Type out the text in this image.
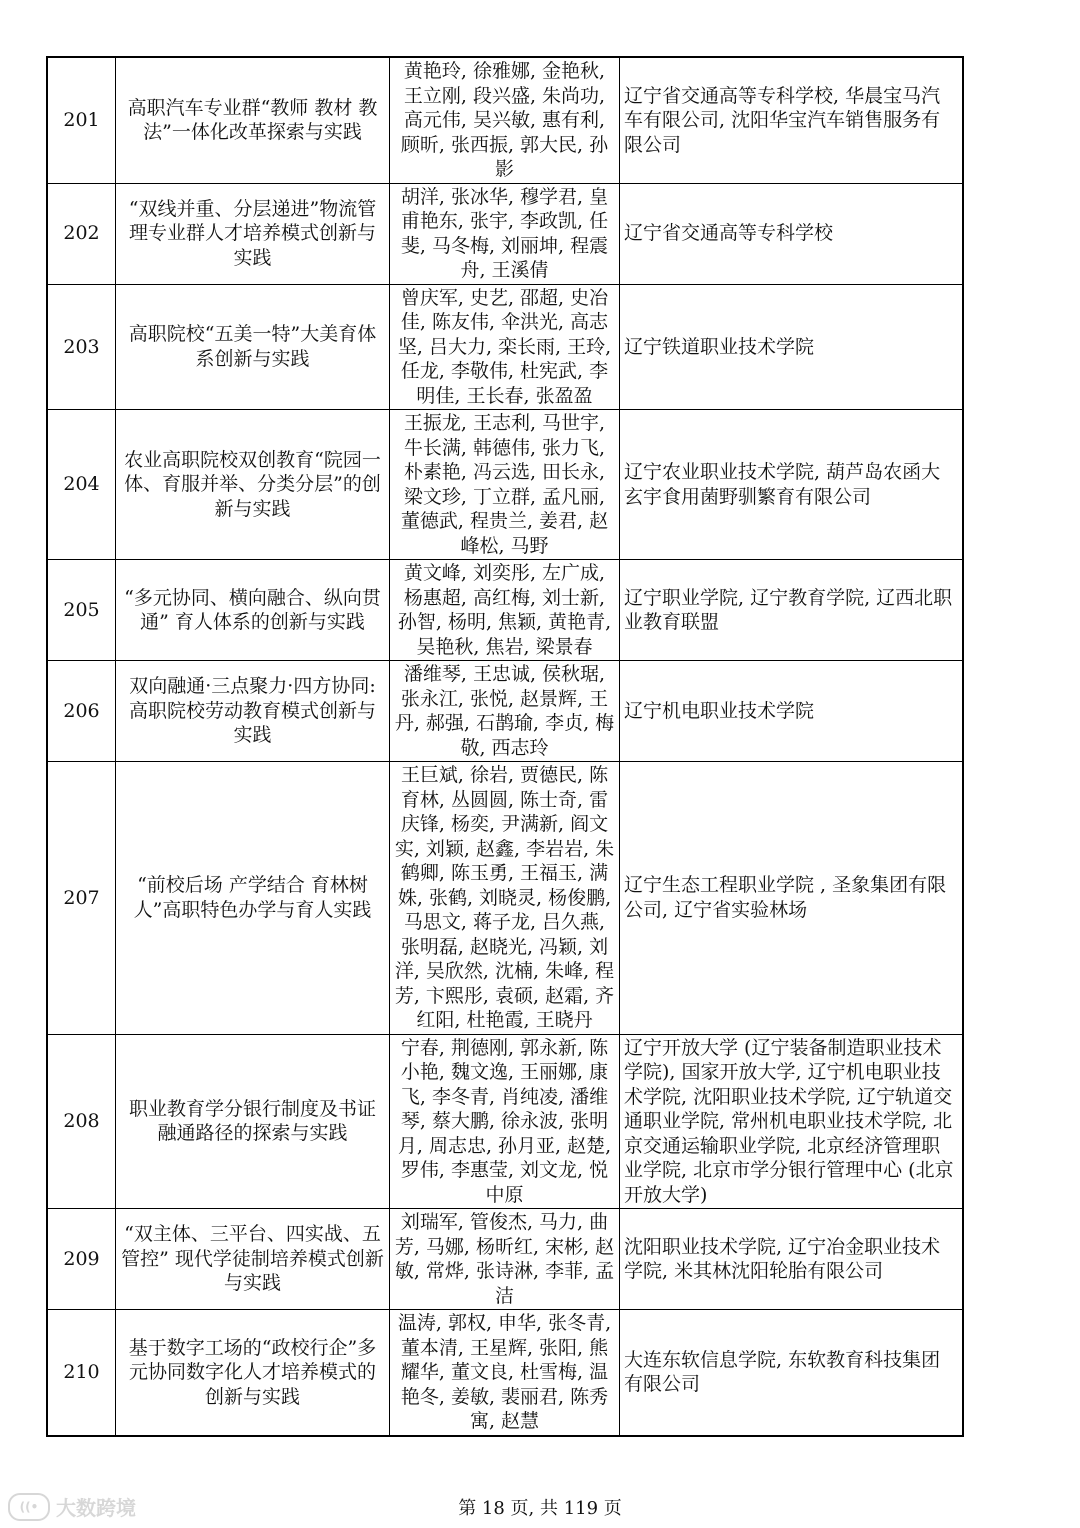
201	高职汽车专业群“教师 教材 教法”一体化改革探索与实践	黄艳玲, 徐雅娜, 金艳秋, 王立刚, 段兴盛, 朱尚功, 高元伟, 吴兴敏, 惠有利, 顾昕, 张西振, 郭大民, 孙影	辽宁省交通高等专科学校, 华晨宝马汽车有限公司, 沈阳华宝汽车销售服务有限公司
202	“双线并重、分层递进”物流管理专业群人才培养模式创新与实践	胡洋, 张冰华, 穆学君, 皇甫艳东, 张宇, 李政凯, 任斐, 马冬梅, 刘丽坤, 程震舟, 王溪倩	辽宁省交通高等专科学校
203	高职院校“五美一特”大美育体系创新与实践	曾庆军, 史艺, 邵超, 史冶佳, 陈友伟, 伞洪光, 高志坚, 吕大力, 栾长雨, 王玲, 任龙, 李敬伟, 杜宪武, 李明佳, 王长春, 张盈盈	辽宁铁道职业技术学院
204	农业高职院校双创教育“院园一体、育服并举、分类分层”的创新与实践	王振龙, 王志利, 马世宇, 牛长满, 韩德伟, 张力飞, 朴素艳, 冯云选, 田长永, 梁文珍, 丁立群, 孟凡丽, 董德武, 程贵兰, 姜君, 赵峰松, 马野	辽宁农业职业技术学院, 葫芦岛农函大玄宇食用菌野驯繁育有限公司
205	“多元协同、横向融合、纵向贯通” 育人体系的创新与实践	黄文峰, 刘奕彤, 左广成, 杨惠超, 高红梅, 刘士新, 孙智, 杨明, 焦颖, 黄艳青, 吴艳秋, 焦岩, 梁景春	辽宁职业学院, 辽宁教育学院, 辽西北职业教育联盟
206	双向融通·三点聚力·四方协同: 高职院校劳动教育模式创新与实践	潘维琴, 王忠诚, 侯秋琚, 张永江, 张悦, 赵景辉, 王丹, 郝强, 石鹊瑜, 李贞, 梅敬, 西志玲	辽宁机电职业技术学院
207	“前校后场 产学结合 育林树人”高职特色办学与育人实践	王巨斌, 徐岩, 贾德民, 陈育林, 丛圆圆, 陈士奇, 雷庆锋, 杨奕, 尹满新, 阎文实, 刘颖, 赵鑫, 李岩岩, 朱鹤卿, 陈玉勇, 王福玉, 满姝, 张鹤, 刘晓灵, 杨俊鹏, 马思文, 蒋子龙, 吕久燕, 张明磊, 赵晓光, 冯颖, 刘洋, 吴欣然, 沈楠, 朱峰, 程芳, 卞熙彤, 袁硕, 赵霜, 齐红阳, 杜艳霞, 王晓丹	辽宁生态工程职业学院 , 圣象集团有限公司, 辽宁省实验林场
208	职业教育学分银行制度及书证融通路径的探索与实践	宁春, 荆德刚, 郭永新, 陈小艳, 魏文逸, 王丽娜, 康飞, 李冬青, 肖纯凌, 潘维琴, 蔡大鹏, 徐永波, 张明月, 周志忠, 孙月亚, 赵楚, 罗伟, 李惠莹, 刘文龙, 悦中原	辽宁开放大学 (辽宁装备制造职业技术学院), 国家开放大学, 辽宁机电职业技术学院, 沈阳职业技术学院, 辽宁轨道交通职业学院, 常州机电职业技术学院, 北京交通运输职业学院, 北京经济管理职业学院, 北京市学分银行管理中心 (北京开放大学)
209	“双主体、三平台、四实战、五管控” 现代学徒制培养模式创新与实践	刘瑞军, 管俊杰, 马力, 曲芳, 马娜, 杨昕红, 宋彬, 赵敏, 常烨, 张诗淋, 李菲, 孟洁	沈阳职业技术学院, 辽宁冶金职业技术学院, 米其林沈阳轮胎有限公司
210	基于数字工场的“政校行企”多元协同数字化人才培养模式的创新与实践	温涛, 郭权, 申华, 张冬青, 董本清, 王星辉, 张阳, 熊耀华, 董文良, 杜雪梅, 温艳冬, 姜敏, 裴丽君, 陈秀寓, 赵慧	大连东软信息学院, 东软教育科技集团有限公司
((• 大数跨境	第 18 页, 共 119 页
